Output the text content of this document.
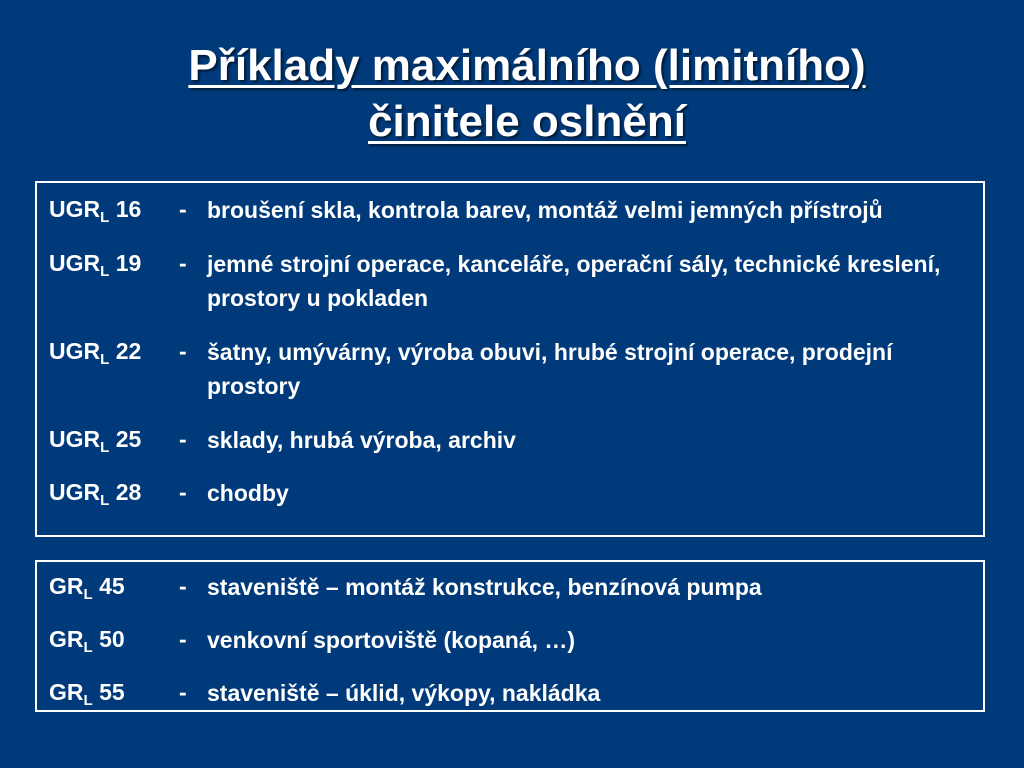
Příklady maximálního (limitního)
činitele oslnění
$UGR_L$ 16	- broušení skla, kontrola barev, montáž velmi jemných přístrojů
$UGR_L$ 19	- jemné strojní operace, kanceláře, operační sály, technické kreslení, prostory u pokladen
$UGR_L$ 22	- šatny, umývárny, výroba obuvi, hrubé strojní operace, prodejní prostory
$UGR_L$ 25	- sklady, hrubá výroba, archiv
$UGR_L$ 28	- chodby
$GR_L$ 45	- staveniště – montáž konstrukce, benzínová pumpa
$GR_L$ 50	- venkovní sportoviště (kopaná, …)
$GR_L$ 55	- staveniště – úklid, výkopy, nakládka
